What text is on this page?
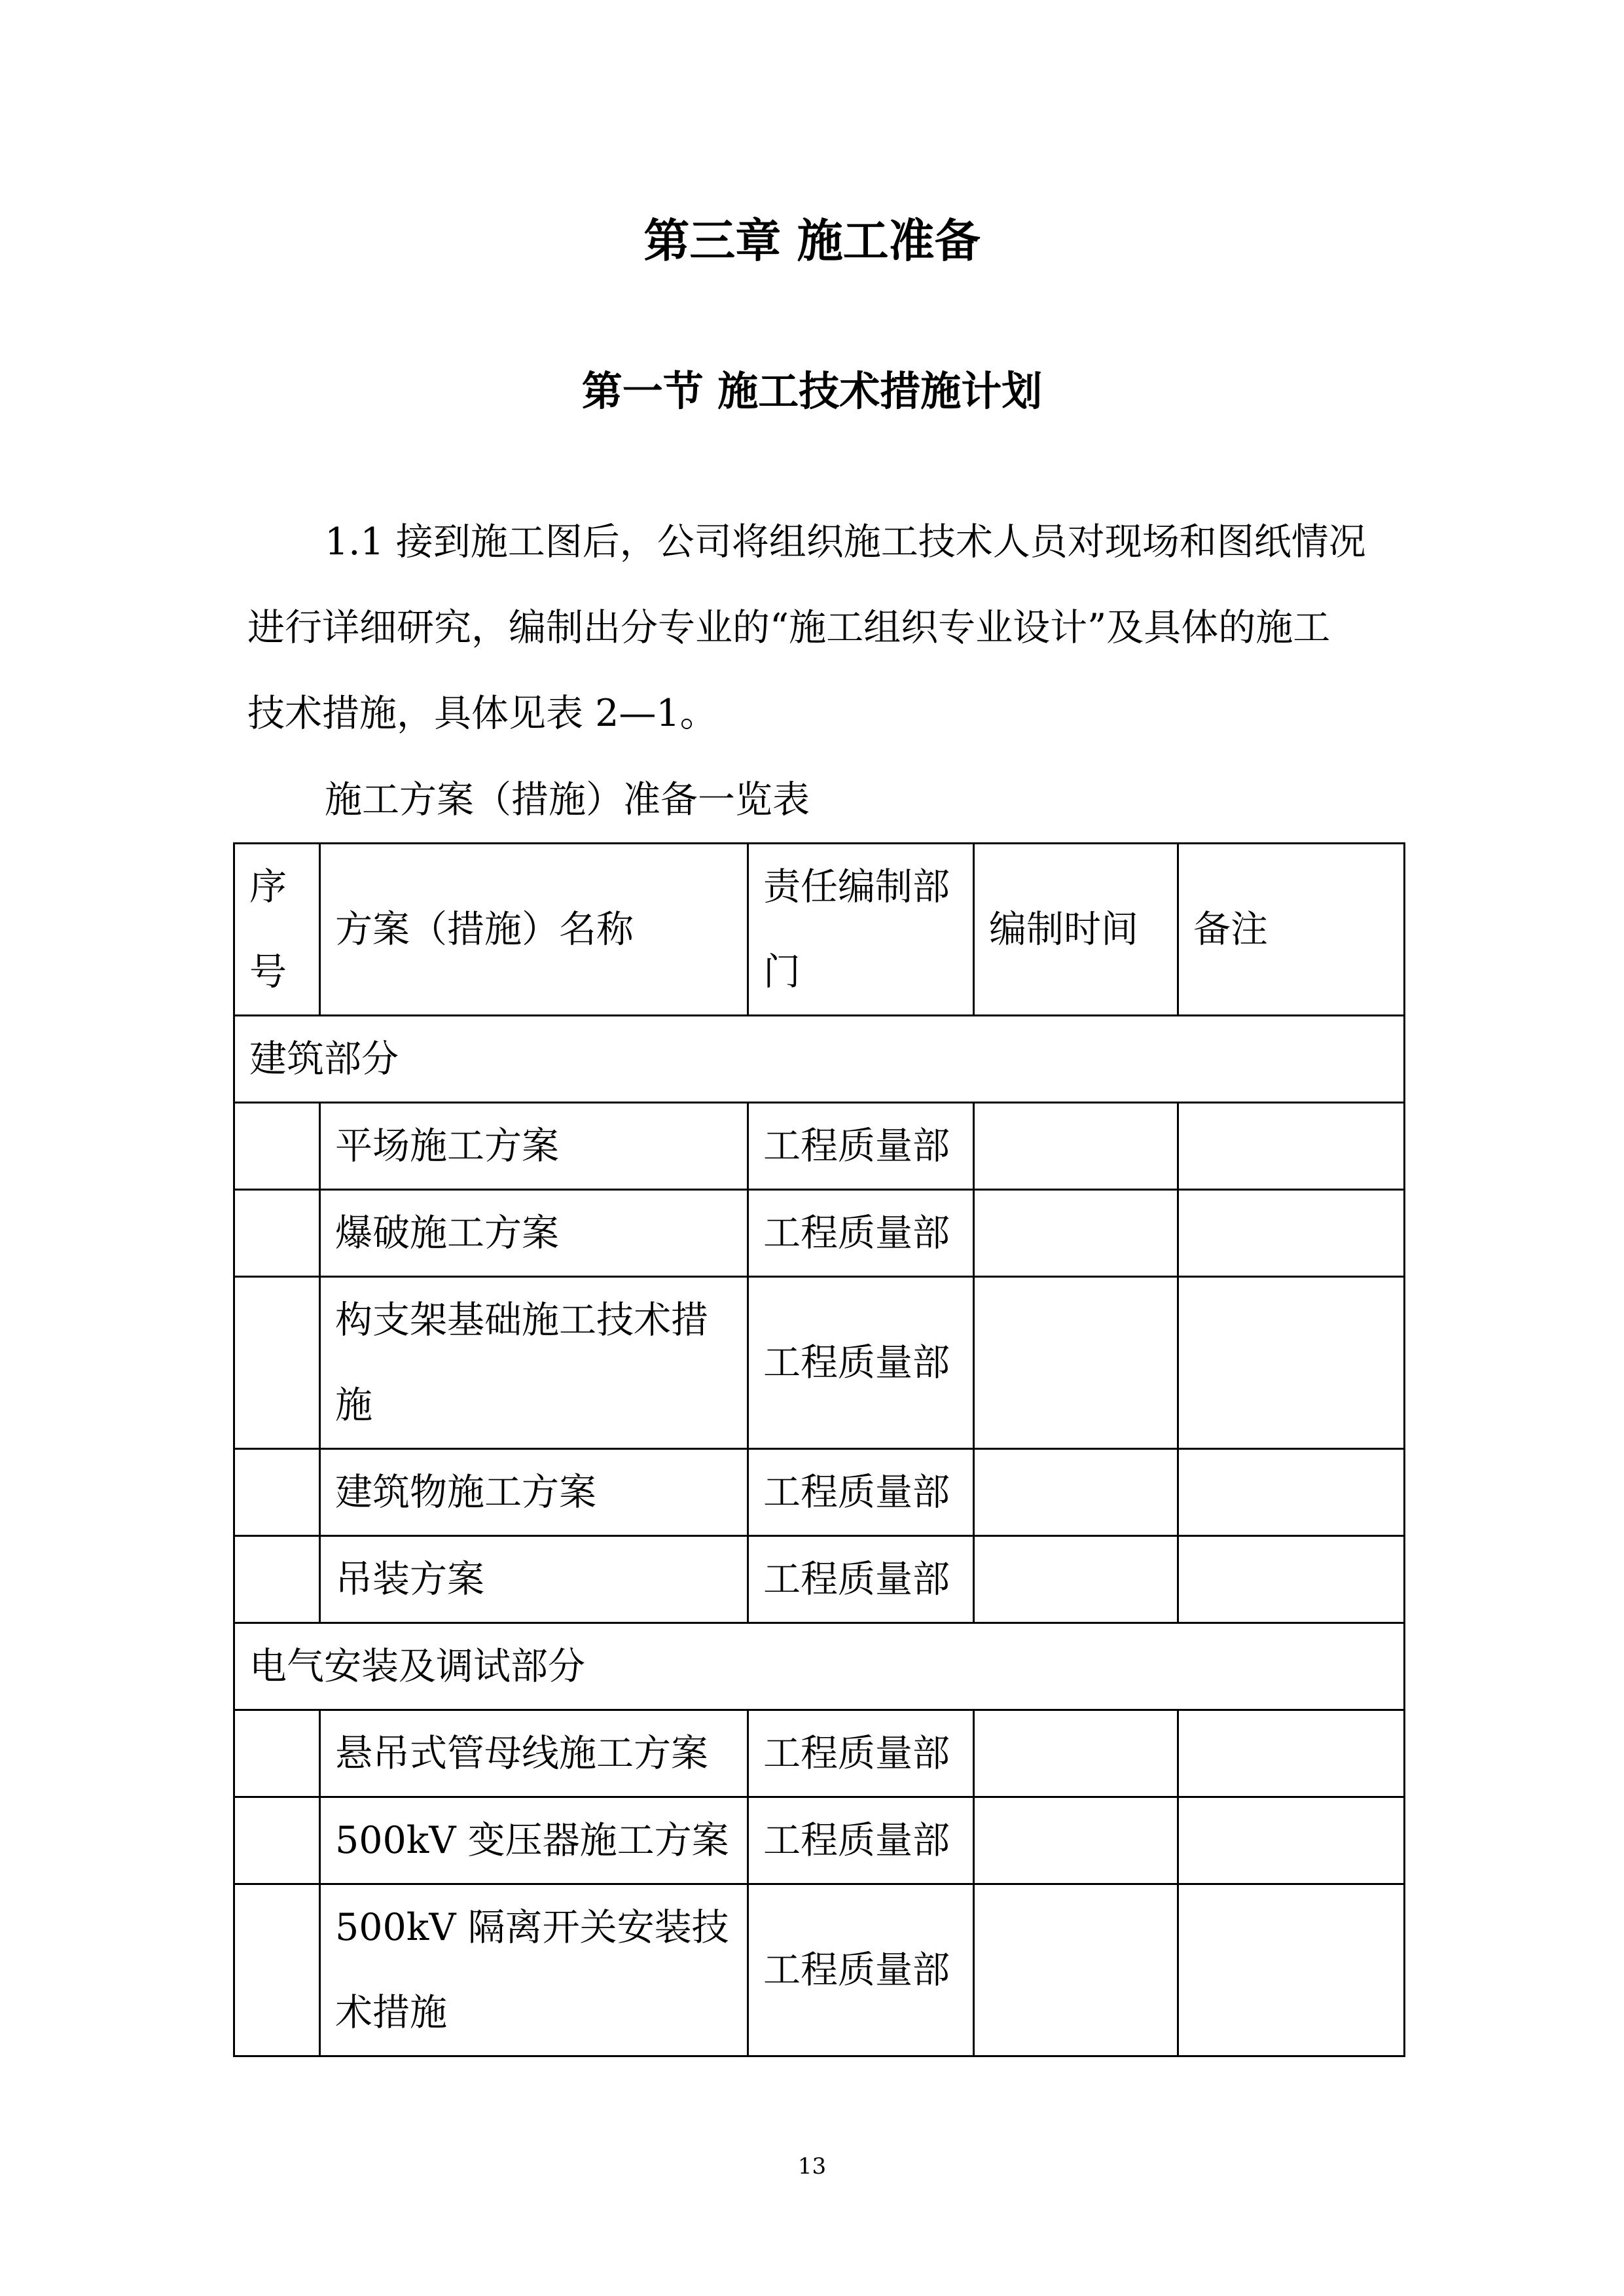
第三章 施工准备
第一节 施工技术措施计划
1.1 接到施工图后，公司将组织施工技术人员对现场和图纸情况
进行详细研究，编制出分专业的“施工组织专业设计”及具体的施工
技术措施，具体见表 2—1。
施工方案（措施）准备一览表
序号	方案（措施）名称	责任编制部门	编制时间	备注
建筑部分				
	平场施工方案	工程质量部		
	爆破施工方案	工程质量部		
	构支架基础施工技术措施	工程质量部		
	建筑物施工方案	工程质量部		
	吊装方案	工程质量部		
电气安装及调试部分				
	悬吊式管母线施工方案	工程质量部		
	500kV 变压器施工方案	工程质量部		
	500kV 隔离开关安装技术措施	工程质量部		
13
